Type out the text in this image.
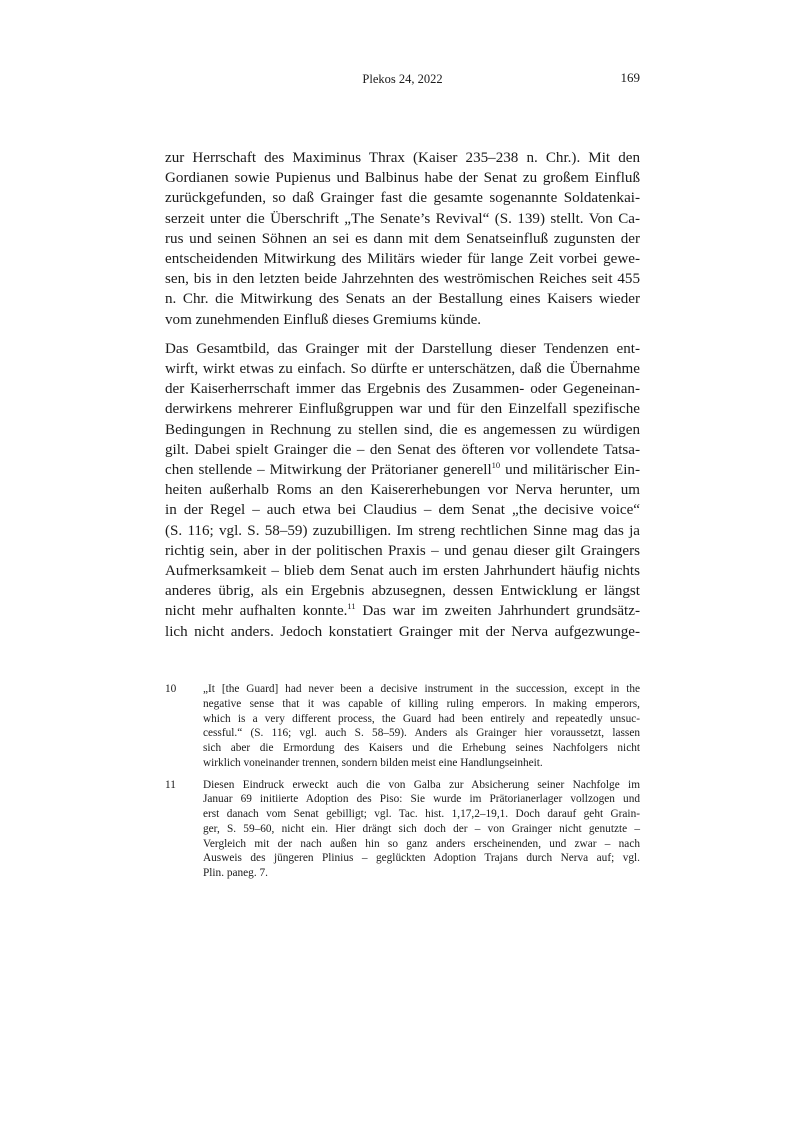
Plekos 24, 2022	169

zur Herrschaft des Maximinus Thrax (Kaiser 235–238 n. Chr.). Mit den
Gordianen sowie Pupienus und Balbinus habe der Senat zu großem Einfluß
zurückgefunden, so daß Grainger fast die gesamte sogenannte Soldatenkai-
serzeit unter die Überschrift „The Senate’s Revival“ (S. 139) stellt. Von Ca-
rus und seinen Söhnen an sei es dann mit dem Senatseinfluß zugunsten der
entscheidenden Mitwirkung des Militärs wieder für lange Zeit vorbei gewe-
sen, bis in den letzten beide Jahrzehnten des weströmischen Reiches seit 455
n. Chr. die Mitwirkung des Senats an der Bestallung eines Kaisers wieder
vom zunehmenden Einfluß dieses Gremiums künde.

Das Gesamtbild, das Grainger mit der Darstellung dieser Tendenzen ent-
wirft, wirkt etwas zu einfach. So dürfte er unterschätzen, daß die Übernahme
der Kaiserherrschaft immer das Ergebnis des Zusammen- oder Gegeneinan-
derwirkens mehrerer Einflußgruppen war und für den Einzelfall spezifische
Bedingungen in Rechnung zu stellen sind, die es angemessen zu würdigen
gilt. Dabei spielt Grainger die – den Senat des öfteren vor vollendete Tatsa-
chen stellende – Mitwirkung der Prätorianer generell$^{10}$ und militärischer Ein-
heiten außerhalb Roms an den Kaisererhebungen vor Nerva herunter, um
in der Regel – auch etwa bei Claudius – dem Senat „the decisive voice“
(S. 116; vgl. S. 58–59) zuzubilligen. Im streng rechtlichen Sinne mag das ja
richtig sein, aber in der politischen Praxis – und genau dieser gilt Graingers
Aufmerksamkeit – blieb dem Senat auch im ersten Jahrhundert häufig nichts
anderes übrig, als ein Ergebnis abzusegnen, dessen Entwicklung er längst
nicht mehr aufhalten konnte.$^{11}$ Das war im zweiten Jahrhundert grundsätz-
lich nicht anders. Jedoch konstatiert Grainger mit der Nerva aufgezwunge-

10 „It [the Guard] had never been a decisive instrument in the succession, except in the
negative sense that it was capable of killing ruling emperors. In making emperors,
which is a very different process, the Guard had been entirely and repeatedly unsuc-
cessful.“ (S. 116; vgl. auch S. 58–59). Anders als Grainger hier voraussetzt, lassen
sich aber die Ermordung des Kaisers und die Erhebung seines Nachfolgers nicht
wirklich voneinander trennen, sondern bilden meist eine Handlungseinheit.
11 Diesen Eindruck erweckt auch die von Galba zur Absicherung seiner Nachfolge im
Januar 69 initiierte Adoption des Piso: Sie wurde im Prätorianerlager vollzogen und
erst danach vom Senat gebilligt; vgl. Tac. hist. 1,17,2–19,1. Doch darauf geht Grain-
ger, S. 59–60, nicht ein. Hier drängt sich doch der – von Grainger nicht genutzte –
Vergleich mit der nach außen hin so ganz anders erscheinenden, und zwar – nach
Ausweis des jüngeren Plinius – geglückten Adoption Trajans durch Nerva auf; vgl.
Plin. paneg. 7.
